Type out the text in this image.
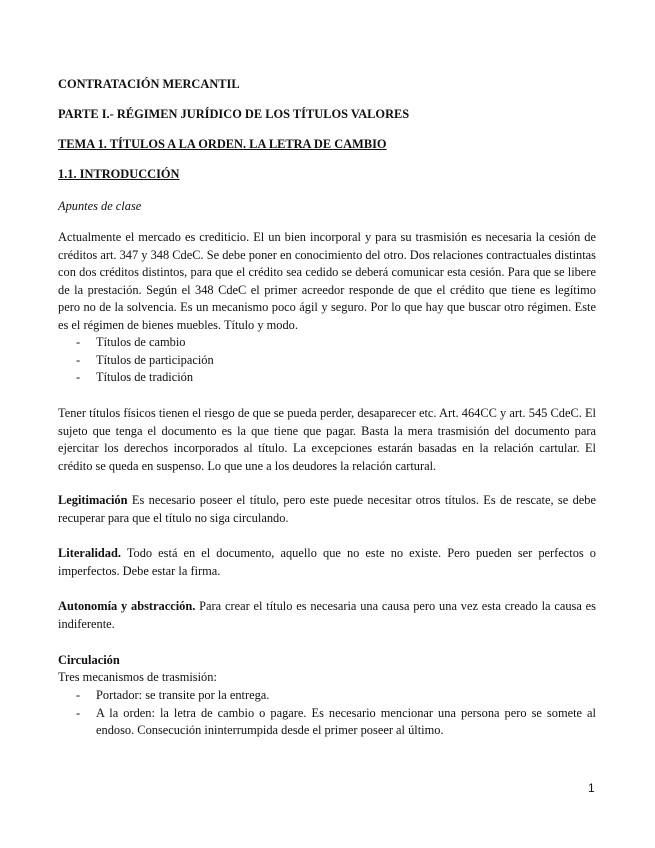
CONTRATACIÓN MERCANTIL

PARTE I.- RÉGIMEN JURÍDICO DE LOS TÍTULOS VALORES

TEMA 1. TÍTULOS A LA ORDEN. LA LETRA DE CAMBIO

1.1. INTRODUCCIÓN

Apuntes de clase

Actualmente el mercado es crediticio. El un bien incorporal y para su trasmisión es necesaria la cesión de créditos art. 347 y 348 CdeC. Se debe poner en conocimiento del otro. Dos relaciones contractuales distintas con dos créditos distintos, para que el crédito sea cedido se deberá comunicar esta cesión. Para que se libere de la prestación. Según el 348 CdeC el primer acreedor responde de que el crédito que tiene es legítimo pero no de la solvencia. Es un mecanismo poco ágil y seguro. Por lo que hay que buscar otro régimen. Este es el régimen de bienes muebles. Título y modo.

- Títulos de cambio
- Títulos de participación
- Títulos de tradición

Tener títulos físicos tienen el riesgo de que se pueda perder, desaparecer etc. Art. 464CC y art. 545 CdeC. El sujeto que tenga el documento es la que tiene que pagar. Basta la mera trasmisión del documento para ejercitar los derechos incorporados al título. La excepciones estarán basadas en la relación cartular. El crédito se queda en suspenso. Lo que une a los deudores la relación cartural.

Legitimación Es necesario poseer el título, pero este puede necesitar otros títulos. Es de rescate, se debe recuperar para que el título no siga circulando.

Literalidad. Todo está en el documento, aquello que no este no existe. Pero pueden ser perfectos o imperfectos. Debe estar la firma.

Autonomía y abstracción. Para crear el título es necesaria una causa pero una vez esta creado la causa es indiferente.

Circulación

Tres mecanismos de trasmisión:

- Portador: se transite por la entrega.
- A la orden: la letra de cambio o pagare. Es necesario mencionar una persona pero se somete al endoso. Consecución ininterrumpida desde el primer poseer al último.
1
